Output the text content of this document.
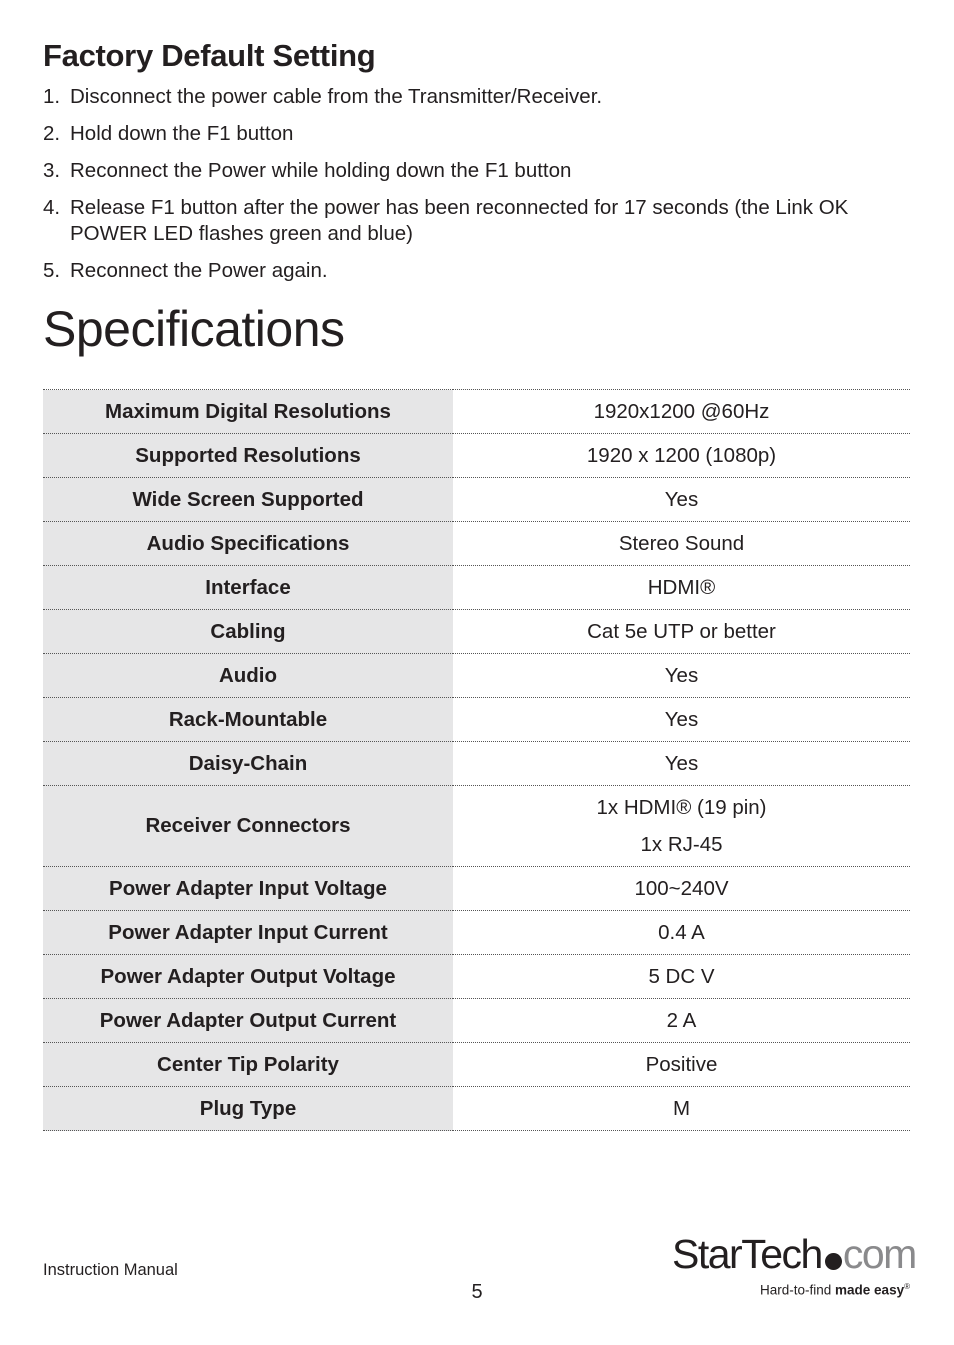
Factory Default Setting
1. Disconnect the power cable from the Transmitter/Receiver.
2. Hold down the F1 button
3. Reconnect the Power while holding down the F1 button
4. Release F1 button after the power has been reconnected for 17 seconds (the Link OK POWER LED flashes green and blue)
5. Reconnect the Power again.
Specifications
Maximum Digital Resolutions	1920x1200 @60Hz

Supported Resolutions	1920 x 1200 (1080p)

Wide Screen Supported	Yes

Audio Specifications	Stereo Sound

Interface	HDMI®

Cabling	Cat 5e UTP or better

Audio	Yes

Rack-Mountable	Yes

Daisy-Chain	Yes

Receiver Connectors	1x HDMI® (19 pin)
1x RJ-45

Power Adapter Input Voltage	100~240V

Power Adapter Input Current	0.4 A

Power Adapter Output Voltage	5 DC V

Power Adapter Output Current	2 A

Center Tip Polarity	Positive

Plug Type	M
Instruction Manual
5
StarTech com
Hard-to-find made easy®
